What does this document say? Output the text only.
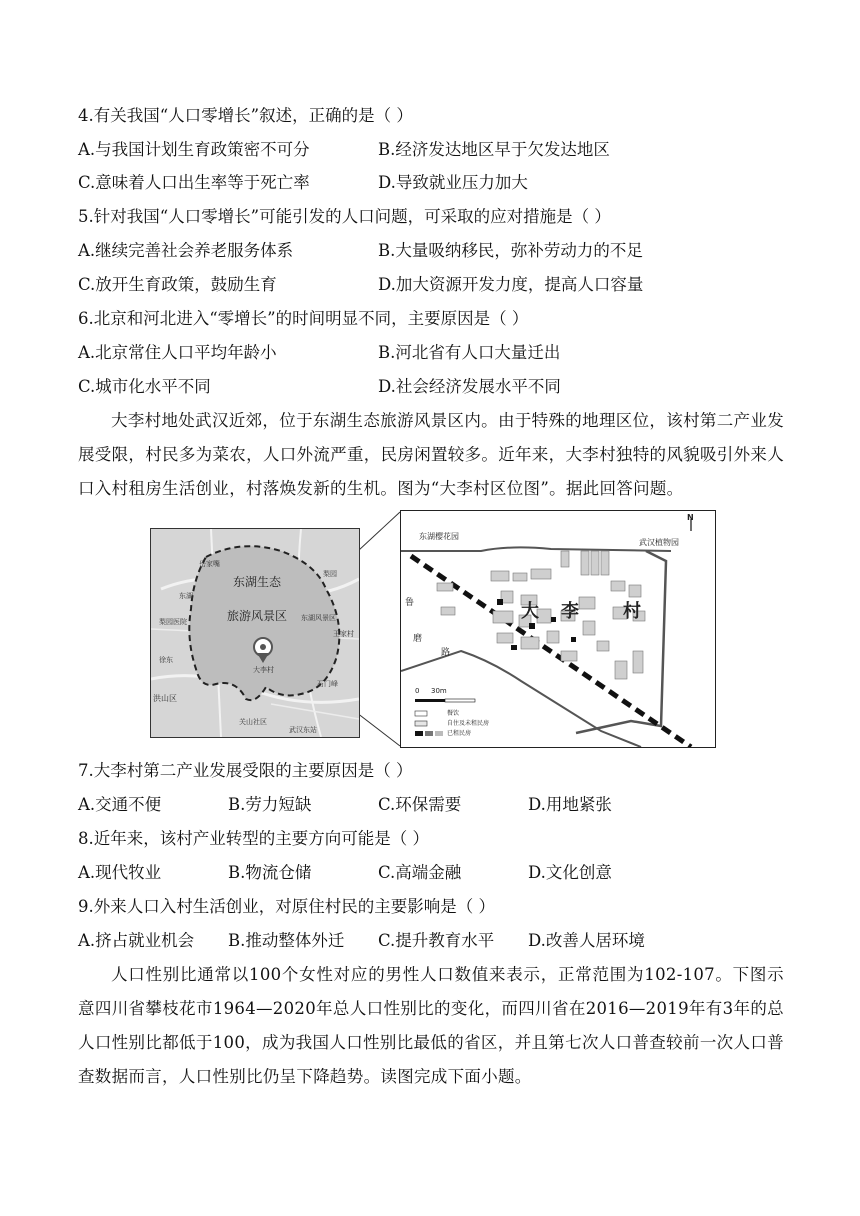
4.有关我国“人口零增长”叙述，正确的是（ ）
A.与我国计划生育政策密不可分	B.经济发达地区早于欠发达地区
C.意味着人口出生率等于死亡率	D.导致就业压力加大
5.针对我国“人口零增长”可能引发的人口问题，可采取的应对措施是（ ）
A.继续完善社会养老服务体系	B.大量吸纳移民，弥补劳动力的不足
C.放开生育政策，鼓励生育	D.加大资源开发力度，提高人口容量
6.北京和河北进入“零增长”的时间明显不同，主要原因是（ ）
A.北京常住人口平均年龄小	B.河北省有人口大量迁出
C.城市化水平不同	D.社会经济发展水平不同
大李村地处武汉近郊，位于东湖生态旅游风景区内。由于特殊的地理区位，该村第二产业发展受限，村民多为菜农，人口外流严重，民房闲置较多。近年来，大李村独特的风貌吸引外来人口入村租房生活创业，村落焕发新的生机。图为“大李村区位图”。据此回答问题。
东湖生态
旅游风景区
大李村
岳家嘴
梨园
东湖
梨园医院	东湖风景区
王家村
徐东
洪山区
石门峰
关山社区
武汉东站
东湖樱花园
武汉植物园
大 李 村
鲁
磨
路
N
0 30m
餐饮
自住及未租民房
已租民房
7.大李村第二产业发展受限的主要原因是（ ）
A.交通不便	B.劳力短缺	C.环保需要	D.用地紧张
8.近年来，该村产业转型的主要方向可能是（ ）
A.现代牧业	B.物流仓储	C.高端金融	D.文化创意
9.外来人口入村生活创业，对原住村民的主要影响是（ ）
A.挤占就业机会 B.推动整体外迁 C.提升教育水平 D.改善人居环境
人口性别比通常以100个女性对应的男性人口数值来表示，正常范围为102-107。下图示意四川省攀枝花市1964—2020年总人口性别比的变化，而四川省在2016—2019年有3年的总人口性别比都低于100，成为我国人口性别比最低的省区，并且第七次人口普查较前一次人口普查数据而言，人口性别比仍呈下降趋势。读图完成下面小题。
